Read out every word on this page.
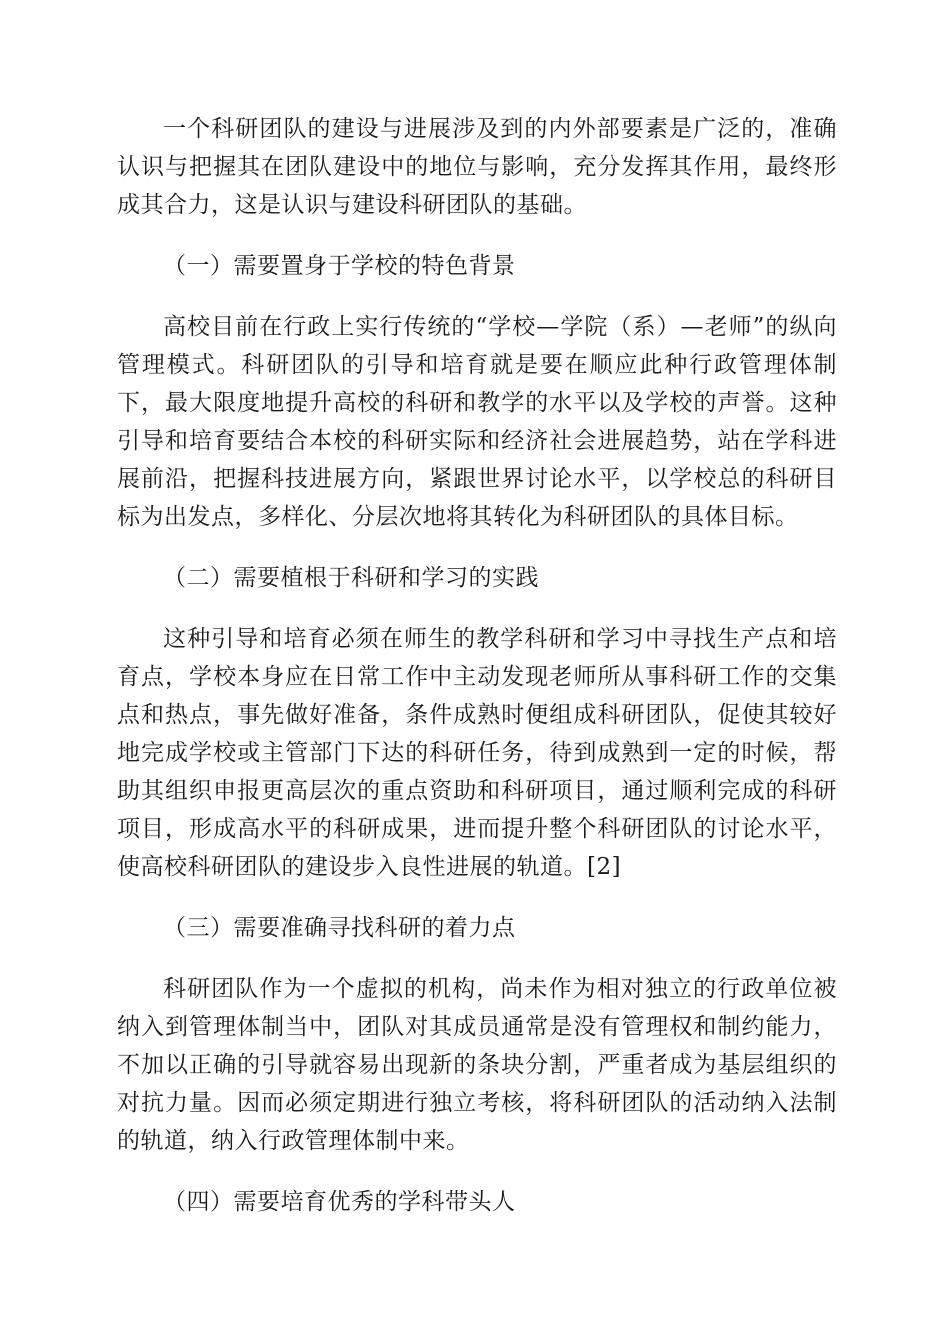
一个科研团队的建设与进展涉及到的内外部要素是广泛的，准确认识与把握其在团队建设中的地位与影响，充分发挥其作用，最终形成其合力，这是认识与建设科研团队的基础。

（一）需要置身于学校的特色背景

高校目前在行政上实行传统的“学校—学院（系）—老师”的纵向管理模式。科研团队的引导和培育就是要在顺应此种行政管理体制下，最大限度地提升高校的科研和教学的水平以及学校的声誉。这种引导和培育要结合本校的科研实际和经济社会进展趋势，站在学科进展前沿，把握科技进展方向，紧跟世界讨论水平，以学校总的科研目标为出发点，多样化、分层次地将其转化为科研团队的具体目标。

（二）需要植根于科研和学习的实践

这种引导和培育必须在师生的教学科研和学习中寻找生产点和培育点，学校本身应在日常工作中主动发现老师所从事科研工作的交集点和热点，事先做好准备，条件成熟时便组成科研团队，促使其较好地完成学校或主管部门下达的科研任务，待到成熟到一定的时候，帮助其组织申报更高层次的重点资助和科研项目，通过顺利完成的科研项目，形成高水平的科研成果，进而提升整个科研团队的讨论水平，使高校科研团队的建设步入良性进展的轨道。[2]

（三）需要准确寻找科研的着力点

科研团队作为一个虚拟的机构，尚未作为相对独立的行政单位被纳入到管理体制当中，团队对其成员通常是没有管理权和制约能力，不加以正确的引导就容易出现新的条块分割，严重者成为基层组织的对抗力量。因而必须定期进行独立考核，将科研团队的活动纳入法制的轨道，纳入行政管理体制中来。

（四）需要培育优秀的学科带头人
